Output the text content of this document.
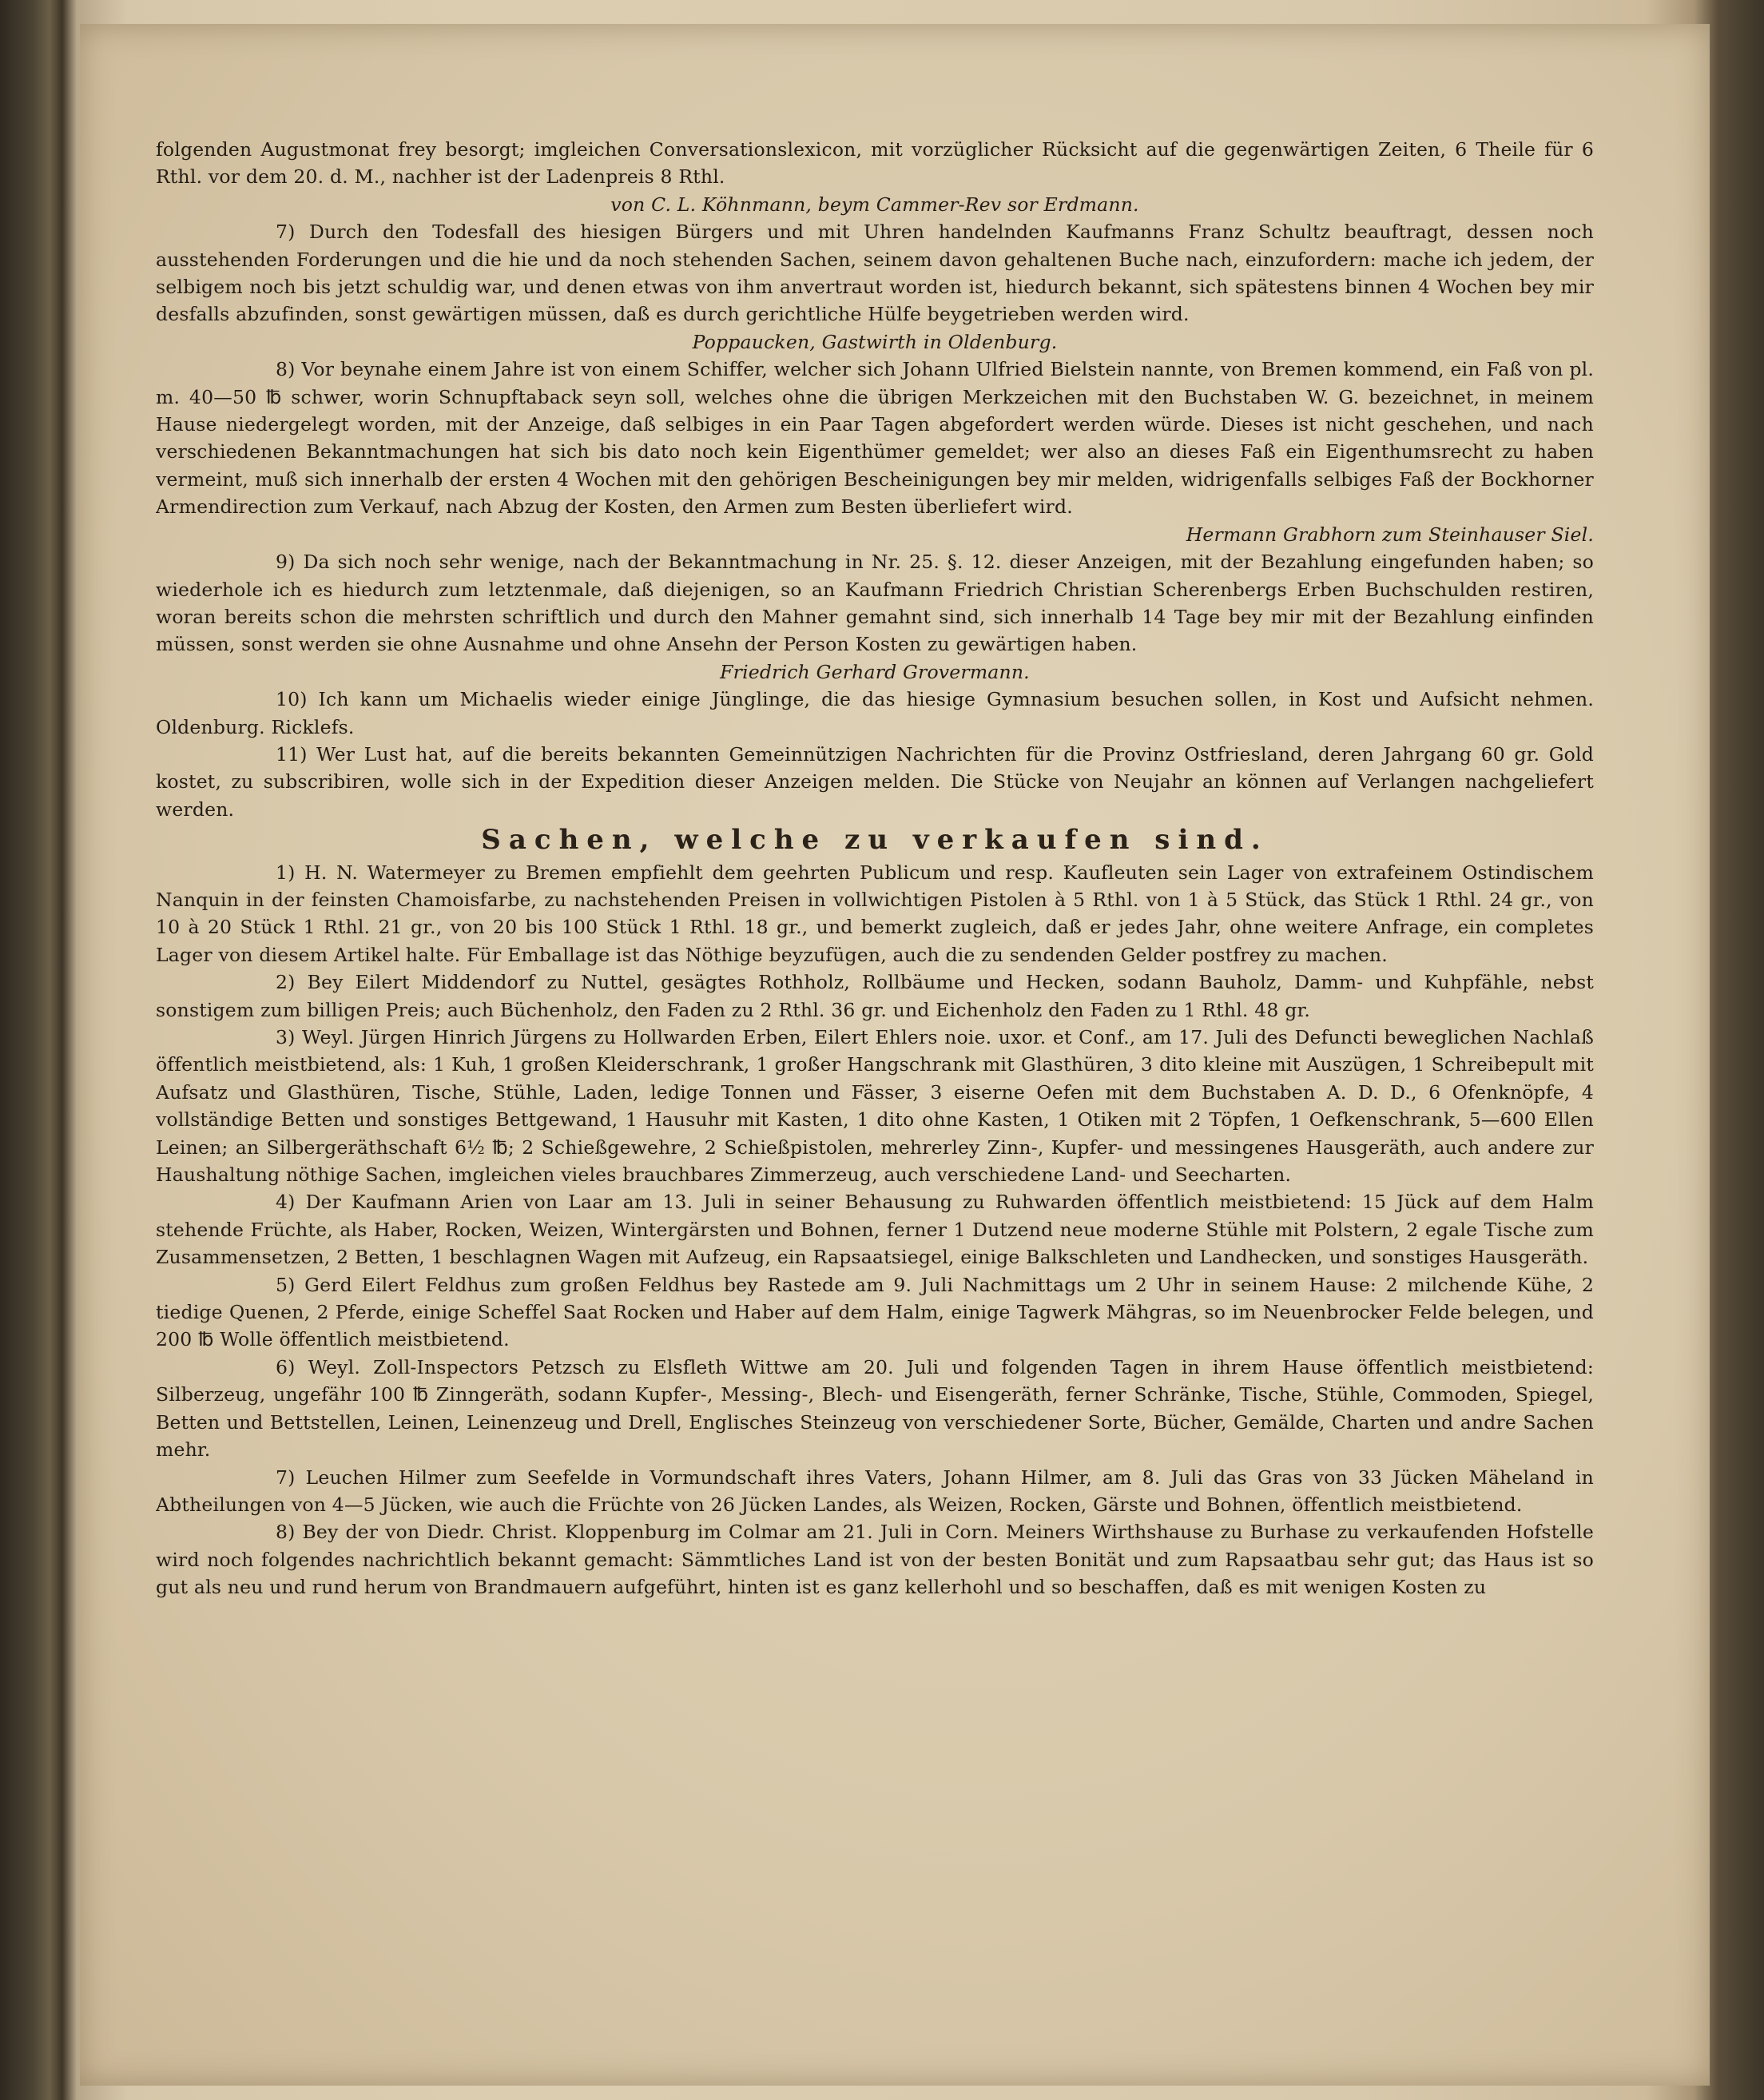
folgenden Augustmonat frey besorgt; imgleichen Conversationslexicon, mit vorzüglicher Rücksicht auf die gegenwärtigen Zeiten, 6 Theile für 6 Rthl. vor dem 20. d. M., nachher ist der Ladenpreis 8 Rthl.

von C. L. Köhnmann, beym Cammer-Rev sor Erdmann.

7) Durch den Todesfall des hiesigen Bürgers und mit Uhren handelnden Kaufmanns Franz Schultz beauftragt, dessen noch ausstehenden Forderungen und die hie und da noch stehenden Sachen, seinem davon gehaltenen Buche nach, einzufordern: mache ich jedem, der selbigem noch bis jetzt schuldig war, und denen etwas von ihm anvertraut worden ist, hiedurch bekannt, sich spätestens binnen 4 Wochen bey mir desfalls abzufinden, sonst gewärtigen müssen, daß es durch gerichtliche Hülfe beygetrieben werden wird.

Poppaucken, Gastwirth in Oldenburg.

8) Vor beynahe einem Jahre ist von einem Schiffer, welcher sich Johann Ulfried Bielstein nannte, von Bremen kommend, ein Faß von pl. m. 40—50 ℔ schwer, worin Schnupftaback seyn soll, welches ohne die übrigen Merkzeichen mit den Buchstaben W. G. bezeichnet, in meinem Hause niedergelegt worden, mit der Anzeige, daß selbiges in ein Paar Tagen abgefordert werden würde. Dieses ist nicht geschehen, und nach verschiedenen Bekanntmachungen hat sich bis dato noch kein Eigenthümer gemeldet; wer also an dieses Faß ein Eigenthumsrecht zu haben vermeint, muß sich innerhalb der ersten 4 Wochen mit den gehörigen Bescheinigungen bey mir melden, widrigenfalls selbiges Faß der Bockhorner Armendirection zum Verkauf, nach Abzug der Kosten, den Armen zum Besten überliefert wird.

Hermann Grabhorn zum Steinhauser Siel.

9) Da sich noch sehr wenige, nach der Bekanntmachung in Nr. 25. §. 12. dieser Anzeigen, mit der Bezahlung eingefunden haben; so wiederhole ich es hiedurch zum letztenmale, daß diejenigen, so an Kaufmann Friedrich Christian Scherenbergs Erben Buchschulden restiren, woran bereits schon die mehrsten schriftlich und durch den Mahner gemahnt sind, sich innerhalb 14 Tage bey mir mit der Bezahlung einfinden müssen, sonst werden sie ohne Ausnahme und ohne Ansehn der Person Kosten zu gewärtigen haben.

Friedrich Gerhard Grovermann.

10) Ich kann um Michaelis wieder einige Jünglinge, die das hiesige Gymnasium besuchen sollen, in Kost und Aufsicht nehmen. Oldenburg. Ricklefs.

11) Wer Lust hat, auf die bereits bekannten Gemeinnützigen Nachrichten für die Provinz Ostfriesland, deren Jahrgang 60 gr. Gold kostet, zu subscribiren, wolle sich in der Expedition dieser Anzeigen melden. Die Stücke von Neujahr an können auf Verlangen nachgeliefert werden.

Sachen, welche zu verkaufen sind.

1) H. N. Watermeyer zu Bremen empfiehlt dem geehrten Publicum und resp. Kaufleuten sein Lager von extrafeinem Ostindischem Nanquin in der feinsten Chamoisfarbe, zu nachstehenden Preisen in vollwichtigen Pistolen à 5 Rthl. von 1 à 5 Stück, das Stück 1 Rthl. 24 gr., von 10 à 20 Stück 1 Rthl. 21 gr., von 20 bis 100 Stück 1 Rthl. 18 gr., und bemerkt zugleich, daß er jedes Jahr, ohne weitere Anfrage, ein completes Lager von diesem Artikel halte. Für Emballage ist das Nöthige beyzufügen, auch die zu sendenden Gelder postfrey zu machen.

2) Bey Eilert Middendorf zu Nuttel, gesägtes Rothholz, Rollbäume und Hecken, sodann Bauholz, Damm- und Kuhpfähle, nebst sonstigem zum billigen Preis; auch Büchenholz, den Faden zu 2 Rthl. 36 gr. und Eichenholz den Faden zu 1 Rthl. 48 gr.

3) Weyl. Jürgen Hinrich Jürgens zu Hollwarden Erben, Eilert Ehlers noie. uxor. et Conf., am 17. Juli des Defuncti beweglichen Nachlaß öffentlich meistbietend, als: 1 Kuh, 1 großen Kleiderschrank, 1 großer Hangschrank mit Glasthüren, 3 dito kleine mit Auszügen, 1 Schreibepult mit Aufsatz und Glasthüren, Tische, Stühle, Laden, ledige Tonnen und Fässer, 3 eiserne Oefen mit dem Buchstaben A. D. D., 6 Ofenknöpfe, 4 vollständige Betten und sonstiges Bettgewand, 1 Hausuhr mit Kasten, 1 dito ohne Kasten, 1 Otiken mit 2 Töpfen, 1 Oefkenschrank, 5—600 Ellen Leinen; an Silbergeräthschaft 6½ ℔; 2 Schießgewehre, 2 Schießpistolen, mehrerley Zinn-, Kupfer- und messingenes Hausgeräth, auch andere zur Haushaltung nöthige Sachen, imgleichen vieles brauchbares Zimmerzeug, auch verschiedene Land- und Seecharten.

4) Der Kaufmann Arien von Laar am 13. Juli in seiner Behausung zu Ruhwarden öffentlich meistbietend: 15 Jück auf dem Halm stehende Früchte, als Haber, Rocken, Weizen, Wintergärsten und Bohnen, ferner 1 Dutzend neue moderne Stühle mit Polstern, 2 egale Tische zum Zusammensetzen, 2 Betten, 1 beschlagnen Wagen mit Aufzeug, ein Rapsaatsiegel, einige Balkschleten und Landhecken, und sonstiges Hausgeräth.

5) Gerd Eilert Feldhus zum großen Feldhus bey Rastede am 9. Juli Nachmittags um 2 Uhr in seinem Hause: 2 milchende Kühe, 2 tiedige Quenen, 2 Pferde, einige Scheffel Saat Rocken und Haber auf dem Halm, einige Tagwerk Mähgras, so im Neuenbrocker Felde belegen, und 200 ℔ Wolle öffentlich meistbietend.

6) Weyl. Zoll-Inspectors Petzsch zu Elsfleth Wittwe am 20. Juli und folgenden Tagen in ihrem Hause öffentlich meistbietend: Silberzeug, ungefähr 100 ℔ Zinngeräth, sodann Kupfer-, Messing-, Blech- und Eisengeräth, ferner Schränke, Tische, Stühle, Commoden, Spiegel, Betten und Bettstellen, Leinen, Leinenzeug und Drell, Englisches Steinzeug von verschiedener Sorte, Bücher, Gemälde, Charten und andre Sachen mehr.

7) Leuchen Hilmer zum Seefelde in Vormundschaft ihres Vaters, Johann Hilmer, am 8. Juli das Gras von 33 Jücken Mäheland in Abtheilungen von 4—5 Jücken, wie auch die Früchte von 26 Jücken Landes, als Weizen, Rocken, Gärste und Bohnen, öffentlich meistbietend.

8) Bey der von Diedr. Christ. Kloppenburg im Colmar am 21. Juli in Corn. Meiners Wirthshause zu Burhase zu verkaufenden Hofstelle wird noch folgendes nachrichtlich bekannt gemacht: Sämmtliches Land ist von der besten Bonität und zum Rapsaatbau sehr gut; das Haus ist so gut als neu und rund herum von Brandmauern aufgeführt, hinten ist es ganz kellerhohl und so beschaffen, daß es mit wenigen Kosten zu
